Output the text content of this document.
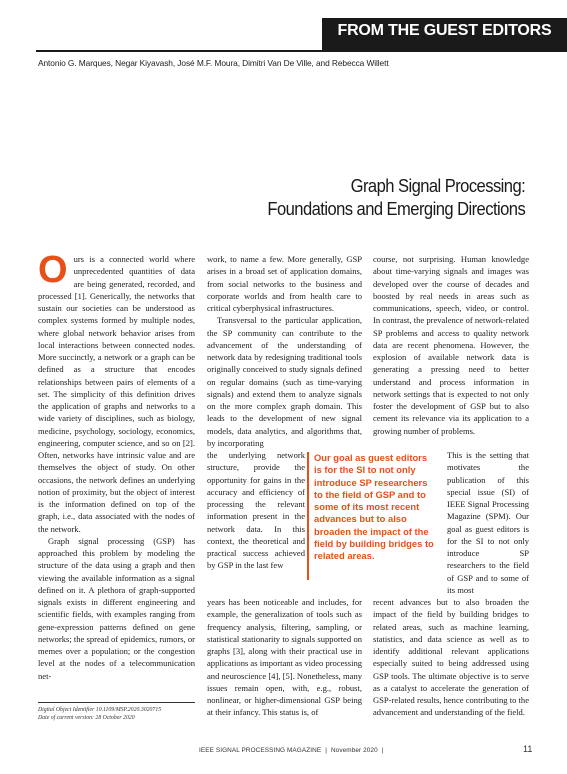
FROM THE GUEST EDITORS
Antonio G. Marques, Negar Kiyavash, José M.F. Moura, Dimitri Van De Ville, and Rebecca Willett
Graph Signal Processing:
Foundations and Emerging Directions
O urs is a connected world where unprecedented quantities of data are being generated, recorded, and processed [1]. Generically, the networks that sustain our societies can be understood as complex systems formed by multiple nodes, where global network behavior arises from local interactions between connected nodes. More succinctly, a network or a graph can be defined as a structure that encodes relationships between pairs of elements of a set. The simplicity of this definition drives the application of graphs and networks to a wide variety of disciplines, such as biology, medicine, psychology, sociology, economics, engineering, computer science, and so on [2]. Often, networks have intrinsic value and are themselves the object of study. On other occasions, the network defines an underlying notion of proximity, but the object of interest is the information defined on top of the graph, i.e., data associated with the nodes of the network.

Graph signal processing (GSP) has approached this problem by modeling the structure of the data using a graph and then viewing the available information as a signal defined on it. A plethora of graph-supported signals exists in different engineering and scientific fields, with examples ranging from gene-expression patterns defined on gene networks; the spread of epidemics, rumors, or memes over a population; or the congestion level at the nodes of a telecommunication net-

work, to name a few. More generally, GSP arises in a broad set of application domains, from social networks to the business and corporate worlds and from health care to critical cyberphysical infrastructures.

Transversal to the particular application, the SP community can contribute to the advancement of the understanding of network data by redesigning traditional tools originally conceived to study signals defined on regular domains (such as time-varying signals) and extend them to analyze signals on the more complex graph domain. This leads to the development of new signal models, data analytics, and algorithms that, by incorporating

the underlying network structure, provide the opportunity for gains in the accuracy and efficiency of processing the relevant information present in the network data. In this context, the theoretical and practical success achieved by GSP in the last few

Our goal as guest editors is for the SI to not only introduce SP researchers to the field of GSP and to some of its most recent advances but to also broaden the impact of the field by building bridges to related areas.

years has been noticeable and includes, for example, the generalization of tools such as frequency analysis, filtering, sampling, or statistical stationarity to signals supported on graphs [3], along with their practical use in applications as important as video processing and neuroscience [4], [5]. Nonetheless, many issues remain open, with, e.g., robust, nonlinear, or higher-dimensional GSP being at their infancy. This status is, of

course, not surprising. Human knowledge about time-varying signals and images was developed over the course of decades and boosted by real needs in areas such as communications, speech, video, or control. In contrast, the prevalence of network-related SP problems and access to quality network data are recent phenomena. However, the explosion of available network data is generating a pressing need to better understand and process information in network settings that is expected to not only foster the development of GSP but to also cement its relevance via its application to a growing number of problems.

This is the setting that motivates the publication of this special issue (SI) of IEEE Signal Processing Magazine (SPM). Our goal as guest editors is for the SI to not only introduce SP researchers to the field of GSP and to some of its most

recent advances but to also broaden the impact of the field by building bridges to related areas, such as machine learning, statistics, and data science as well as to identify additional relevant applications especially suited to being addressed using GSP tools. The ultimate objective is to serve as a catalyst to accelerate the generation of GSP-related results, hence contributing to the advancement and understanding of the field.

Digital Object Identifier 10.1109/MSP.2020.3020715
Date of current version: 28 October 2020
IEEE SIGNAL PROCESSING MAGAZINE | November 2020 |	11
